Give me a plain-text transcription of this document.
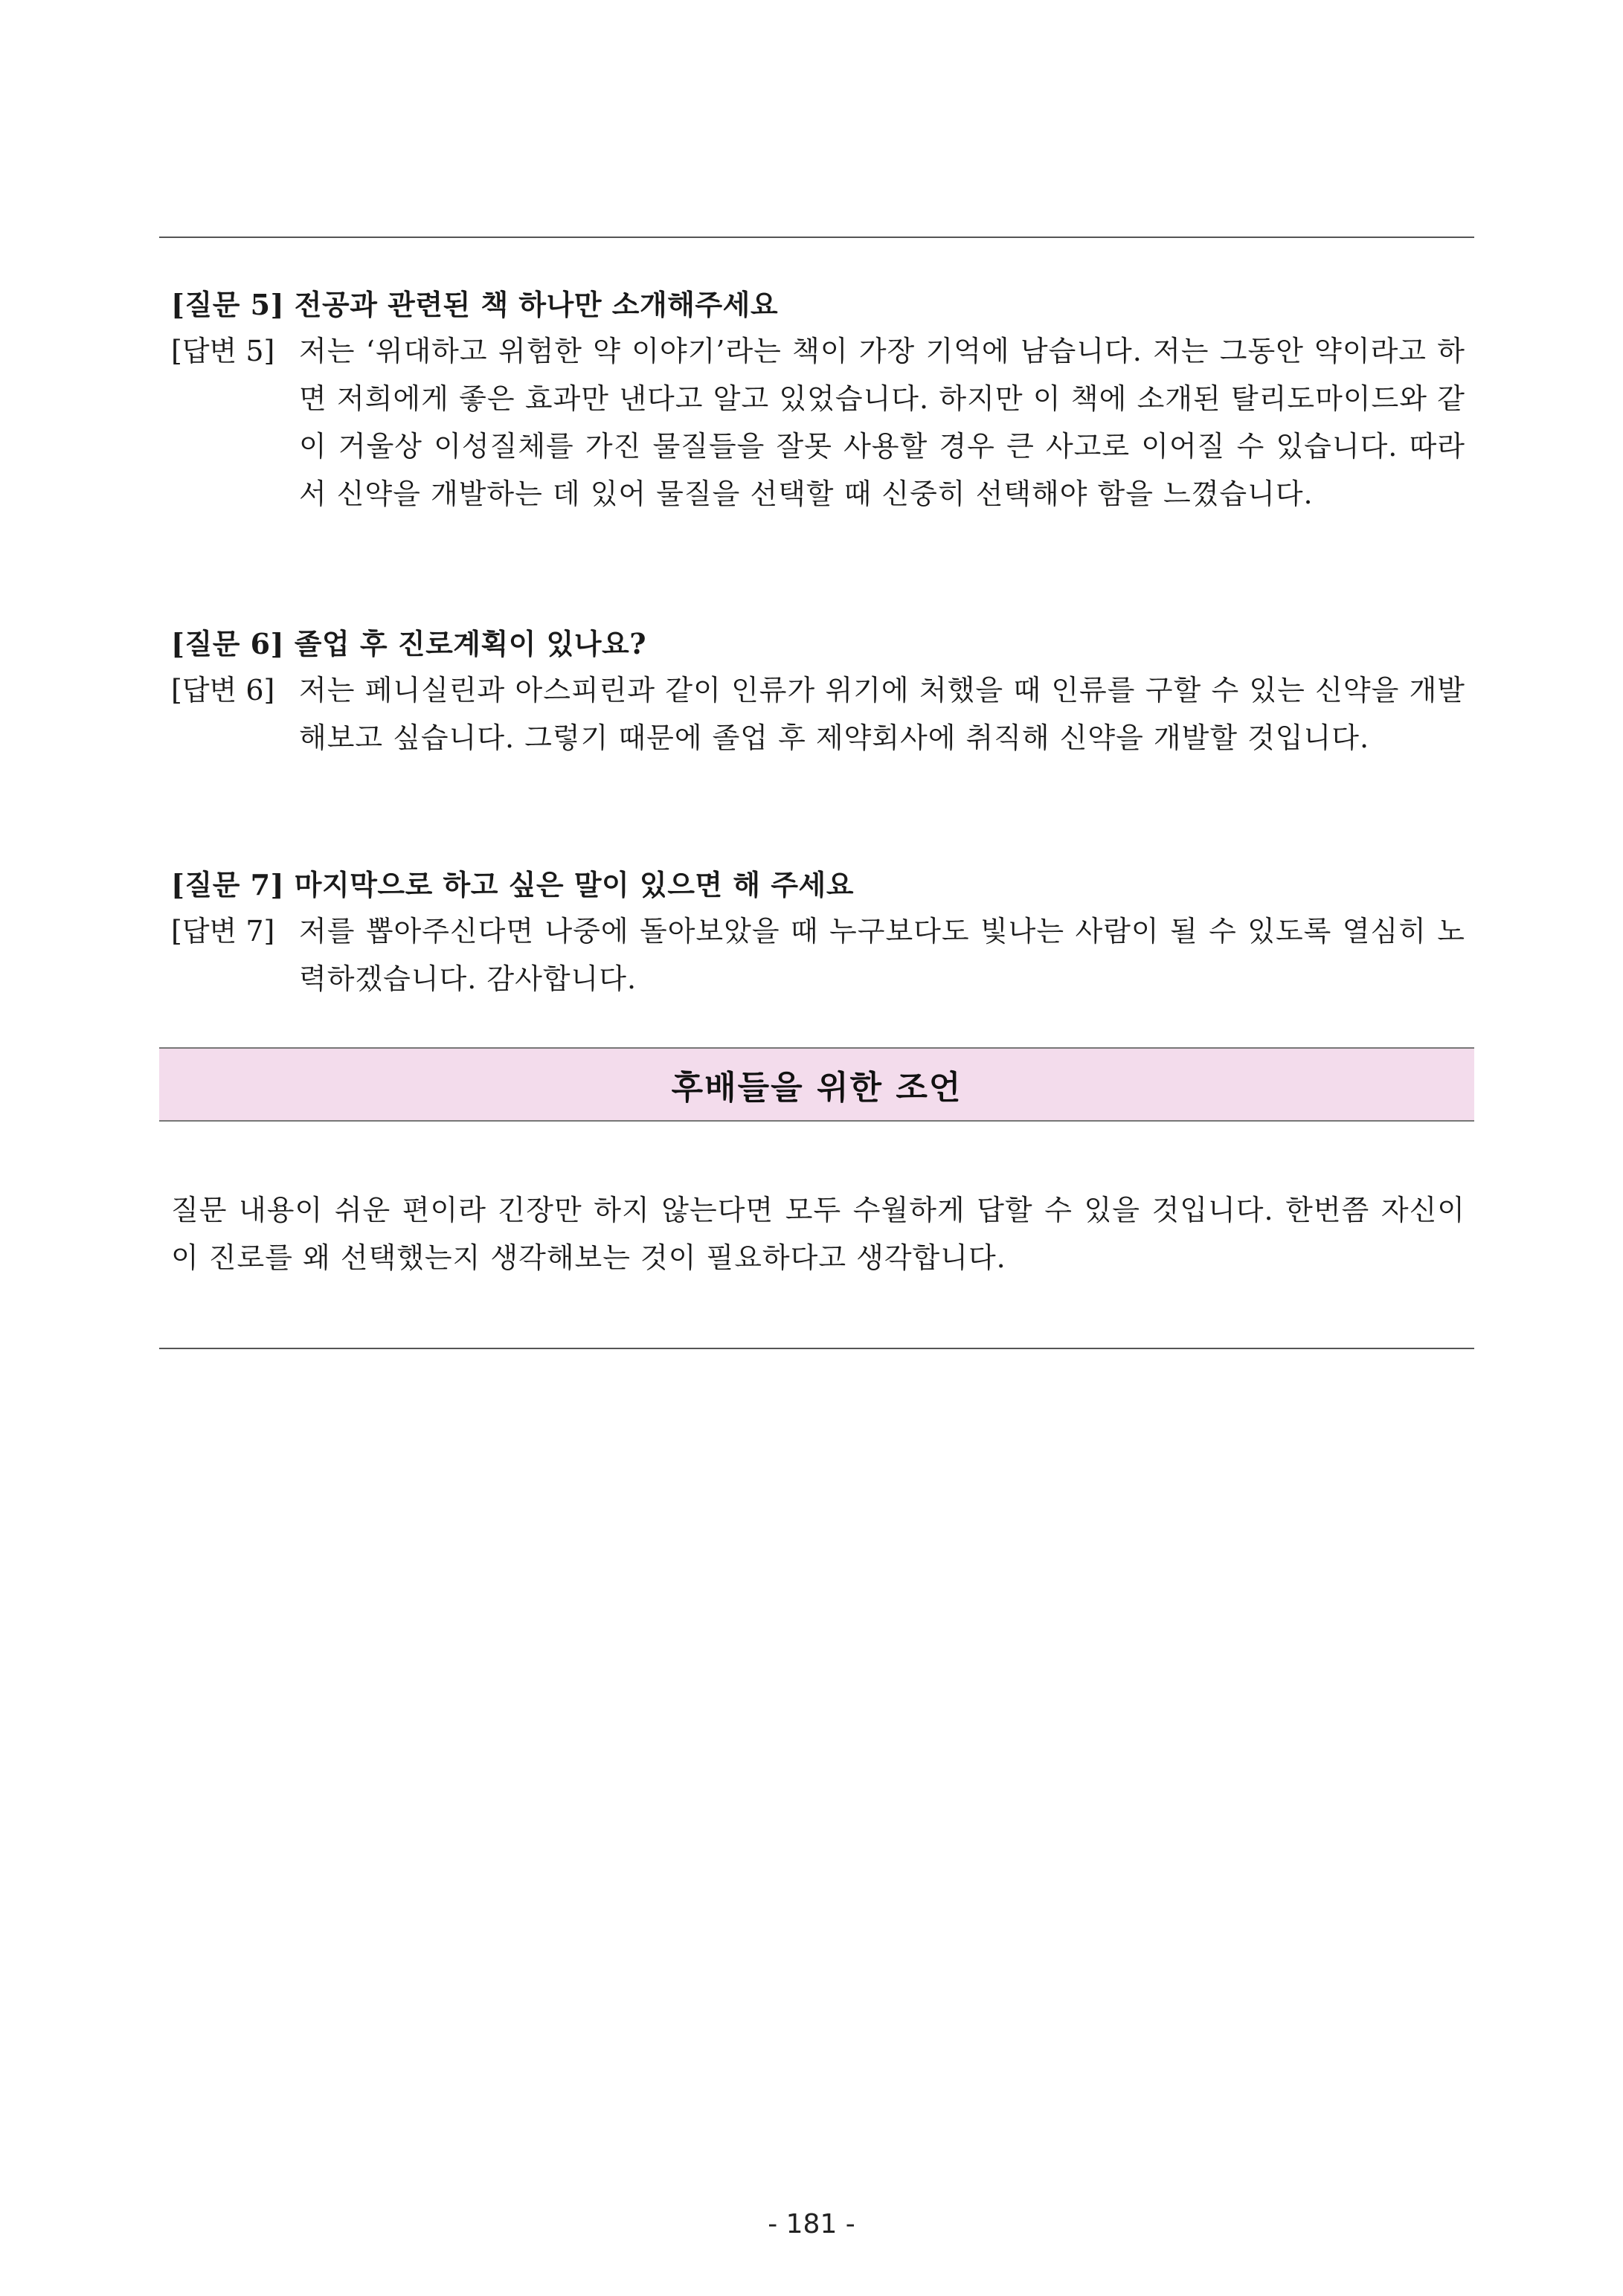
[질문 5] 전공과 관련된 책 하나만 소개해주세요
[답변 5] 저는 ‘위대하고 위험한 약 이야기’라는 책이 가장 기억에 남습니다. 저는 그동안 약이라고 하면 저희에게 좋은 효과만 낸다고 알고 있었습니다. 하지만 이 책에 소개된 탈리도마이드와 같이 거울상 이성질체를 가진 물질들을 잘못 사용할 경우 큰 사고로 이어질 수 있습니다. 따라서 신약을 개발하는 데 있어 물질을 선택할 때 신중히 선택해야 함을 느꼈습니다.
[질문 6] 졸업 후 진로계획이 있나요?
[답변 6] 저는 페니실린과 아스피린과 같이 인류가 위기에 처했을 때 인류를 구할 수 있는 신약을 개발해보고 싶습니다. 그렇기 때문에 졸업 후 제약회사에 취직해 신약을 개발할 것입니다.
[질문 7] 마지막으로 하고 싶은 말이 있으면 해 주세요
[답변 7] 저를 뽑아주신다면 나중에 돌아보았을 때 누구보다도 빛나는 사람이 될 수 있도록 열심히 노력하겠습니다. 감사합니다.
후배들을 위한 조언
질문 내용이 쉬운 편이라 긴장만 하지 않는다면 모두 수월하게 답할 수 있을 것입니다. 한번쯤 자신이 이 진로를 왜 선택했는지 생각해보는 것이 필요하다고 생각합니다.
- 181 -
